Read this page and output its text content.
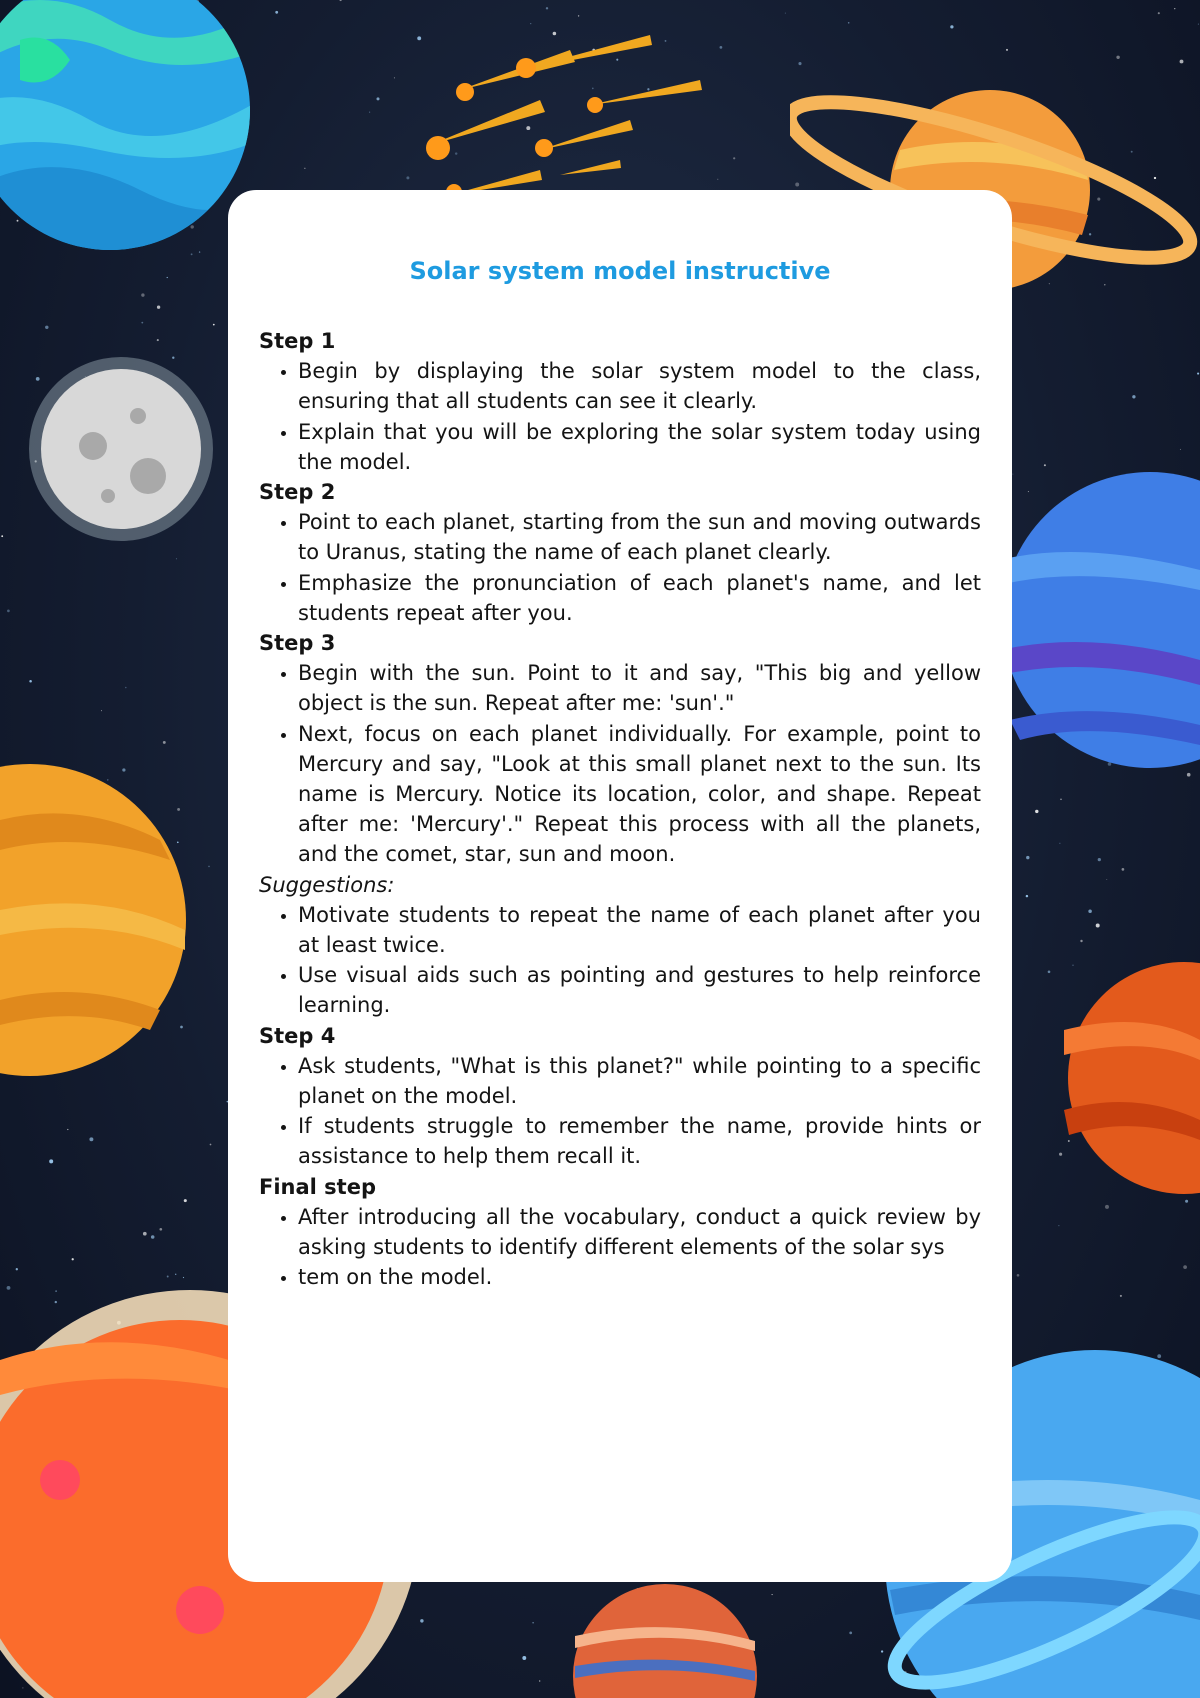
Solar system model instructive
Step 1
• Begin by displaying the solar system model to the class, ensuring that all students can see it clearly.
• Explain that you will be exploring the solar system today using the model.
Step 2
• Point to each planet, starting from the sun and moving outwards to Uranus, stating the name of each planet clearly.
• Emphasize the pronunciation of each planet's name, and let students repeat after you.
Step 3
• Begin with the sun. Point to it and say, "This big and yellow object is the sun. Repeat after me: 'sun'."
• Next, focus on each planet individually. For example, point to Mercury and say, "Look at this small planet next to the sun. Its name is Mercury. Notice its location, color, and shape. Repeat after me: 'Mercury'." Repeat this process with all the planets, and the comet, star, sun and moon.
Suggestions:
• Motivate students to repeat the name of each planet after you at least twice.
• Use visual aids such as pointing and gestures to help reinforce learning.
Step 4
• Ask students, "What is this planet?" while pointing to a specific planet on the model.
• If students struggle to remember the name, provide hints or assistance to help them recall it.
Final step
• After introducing all the vocabulary, conduct a quick review by asking students to identify different elements of the solar sys
• tem on the model.
